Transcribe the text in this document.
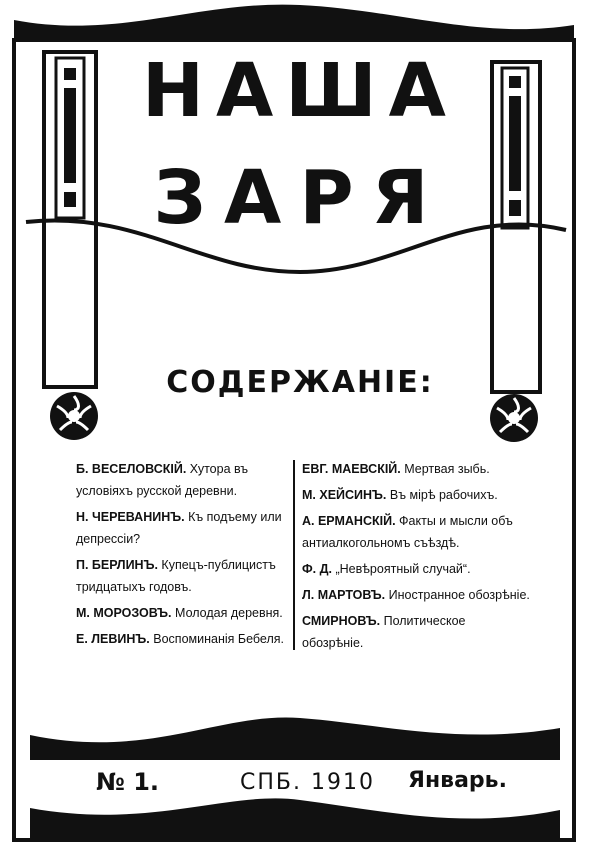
НАША
ЗАРЯ
СОДЕРЖАНІЕ:
Б. ВЕСЕЛОВСКІЙ. Хутора въ условіяхъ русской деревни.
Н. ЧЕРЕВАНИНЪ. Къ подъему или депрессіи?
П. БЕРЛИНЪ. Купецъ-публицистъ тридцатыхъ годовъ.
М. МОРОЗОВЪ. Молодая деревня.
Е. ЛЕВИНЪ. Воспоминанія Бебеля.
ЕВГ. МАЕВСКІЙ. Мертвая зыбь.
М. ХЕЙСИНЪ. Въ мірѣ рабочихъ.
А. ЕРМАНСКІЙ. Факты и мысли объ антиалкогольномъ съѣздѣ.
Ф. Д. „Невѣроятный случай“.
Л. МАРТОВЪ. Иностранное обозрѣніе.
СМИРНОВЪ. Политическое обозрѣніе.
№ 1.	СПБ. 1910 Январь.
